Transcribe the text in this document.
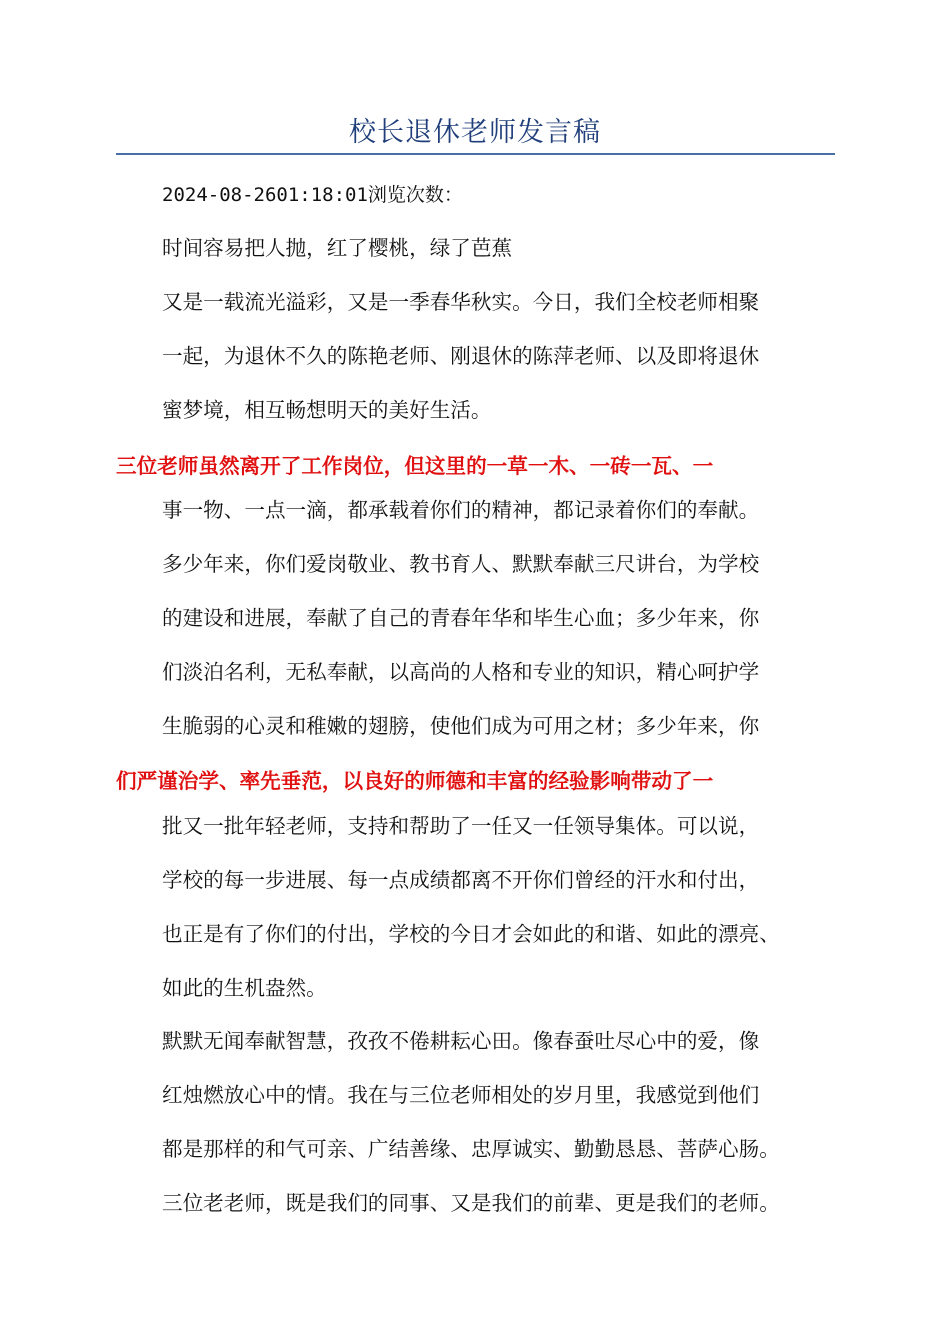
校长退休老师发言稿
2024-08-2601:18:01浏览次数：
时间容易把人抛，红了樱桃，绿了芭蕉
又是一载流光溢彩，又是一季春华秋实。今日，我们全校老师相聚
一起，为退休不久的陈艳老师、刚退休的陈萍老师、以及即将退休
蜜梦境，相互畅想明天的美好生活。
三位老师虽然离开了工作岗位，但这里的一草一木、一砖一瓦、一
事一物、一点一滴，都承载着你们的精神，都记录着你们的奉献。
多少年来，你们爱岗敬业、教书育人、默默奉献三尺讲台，为学校
的建设和进展，奉献了自己的青春年华和毕生心血；多少年来，你
们淡泊名利，无私奉献，以高尚的人格和专业的知识，精心呵护学
生脆弱的心灵和稚嫩的翅膀，使他们成为可用之材；多少年来，你
们严谨治学、率先垂范，以良好的师德和丰富的经验影响带动了一
批又一批年轻老师，支持和帮助了一任又一任领导集体。可以说，
学校的每一步进展、每一点成绩都离不开你们曾经的汗水和付出，
也正是有了你们的付出，学校的今日才会如此的和谐、如此的漂亮、
如此的生机盎然。
默默无闻奉献智慧，孜孜不倦耕耘心田。像春蚕吐尽心中的爱，像
红烛燃放心中的情。我在与三位老师相处的岁月里，我感觉到他们
都是那样的和气可亲、广结善缘、忠厚诚实、勤勤恳恳、菩萨心肠。
三位老老师，既是我们的同事、又是我们的前辈、更是我们的老师。
